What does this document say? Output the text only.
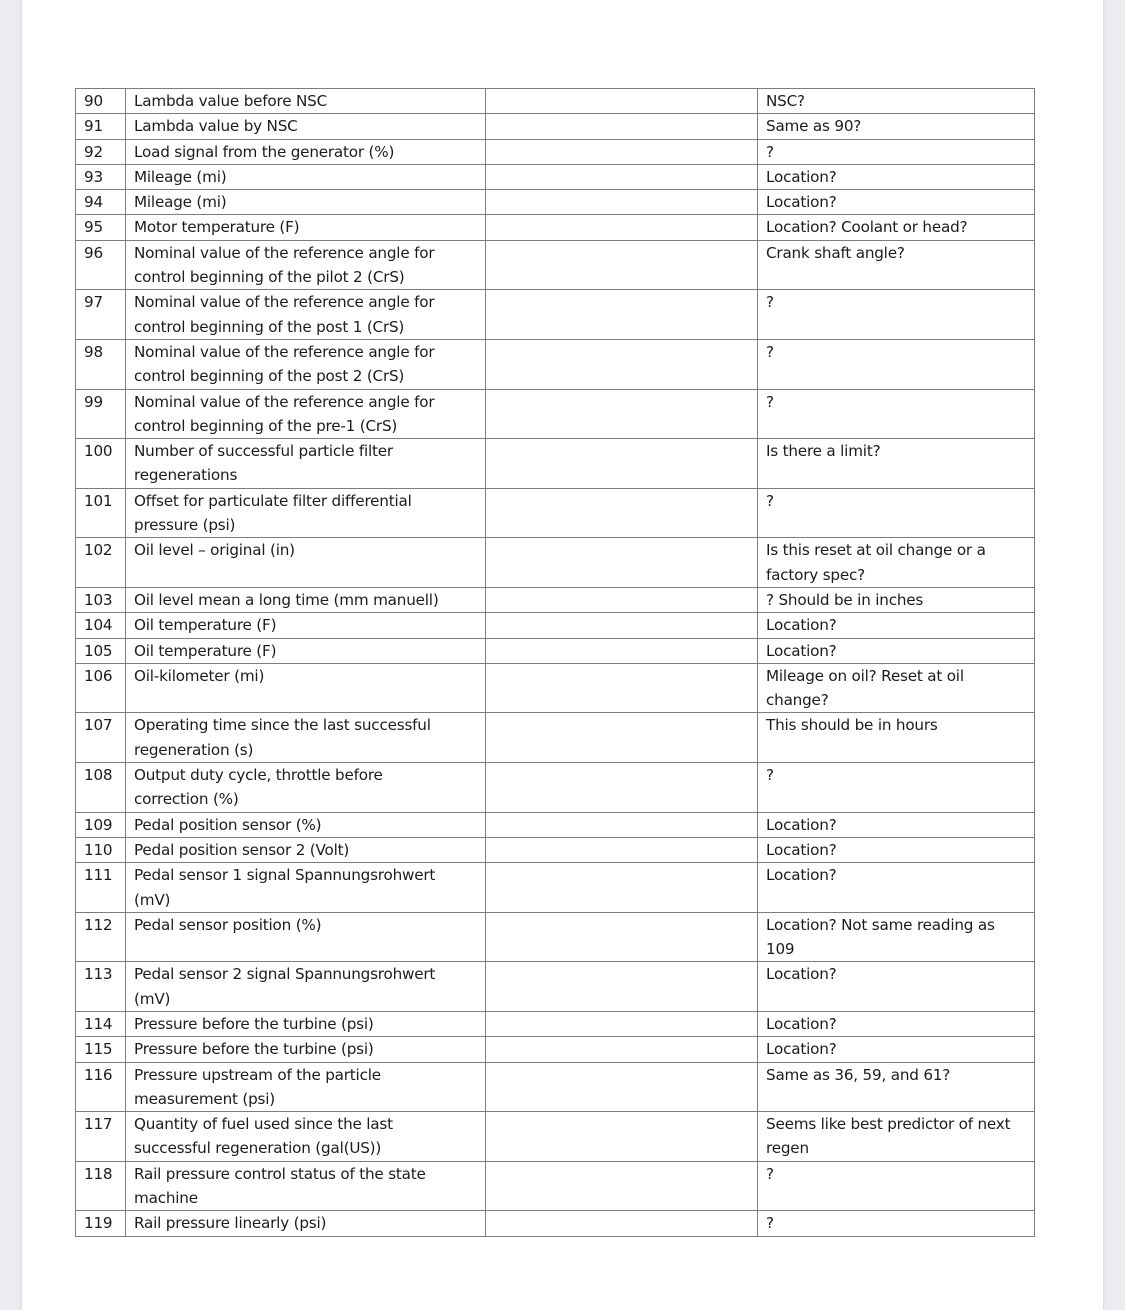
90	Lambda value before NSC		NSC?

91	Lambda value by NSC		Same as 90?

92	Load signal from the generator (%)		?

93	Mileage (mi)		Location?

94	Mileage (mi)		Location?

95	Motor temperature (F)		Location? Coolant or head?

96	Nominal value of the reference angle for
control beginning of the pilot 2 (CrS)		Crank shaft angle?

97	Nominal value of the reference angle for
control beginning of the post 1 (CrS)		?

98	Nominal value of the reference angle for
control beginning of the post 2 (CrS)		?

99	Nominal value of the reference angle for
control beginning of the pre-1 (CrS)		?

100	Number of successful particle filter
regenerations		Is there a limit?

101	Offset for particulate filter differential
pressure (psi)		?

102	Oil level – original (in)		Is this reset at oil change or a
factory spec?

103	Oil level mean a long time (mm manuell)		? Should be in inches

104	Oil temperature (F)		Location?

105	Oil temperature (F)		Location?

106	Oil-kilometer (mi)		Mileage on oil? Reset at oil
change?

107	Operating time since the last successful
regeneration (s)		This should be in hours

108	Output duty cycle, throttle before
correction (%)		?

109	Pedal position sensor (%)		Location?

110	Pedal position sensor 2 (Volt)		Location?

111	Pedal sensor 1 signal Spannungsrohwert
(mV)		Location?

112	Pedal sensor position (%)		Location? Not same reading as
109

113	Pedal sensor 2 signal Spannungsrohwert
(mV)		Location?

114	Pressure before the turbine (psi)		Location?

115	Pressure before the turbine (psi)		Location?

116	Pressure upstream of the particle
measurement (psi)		Same as 36, 59, and 61?

117	Quantity of fuel used since the last
successful regeneration (gal(US))		Seems like best predictor of next
regen

118	Rail pressure control status of the state
machine		?

119	Rail pressure linearly (psi)		?
